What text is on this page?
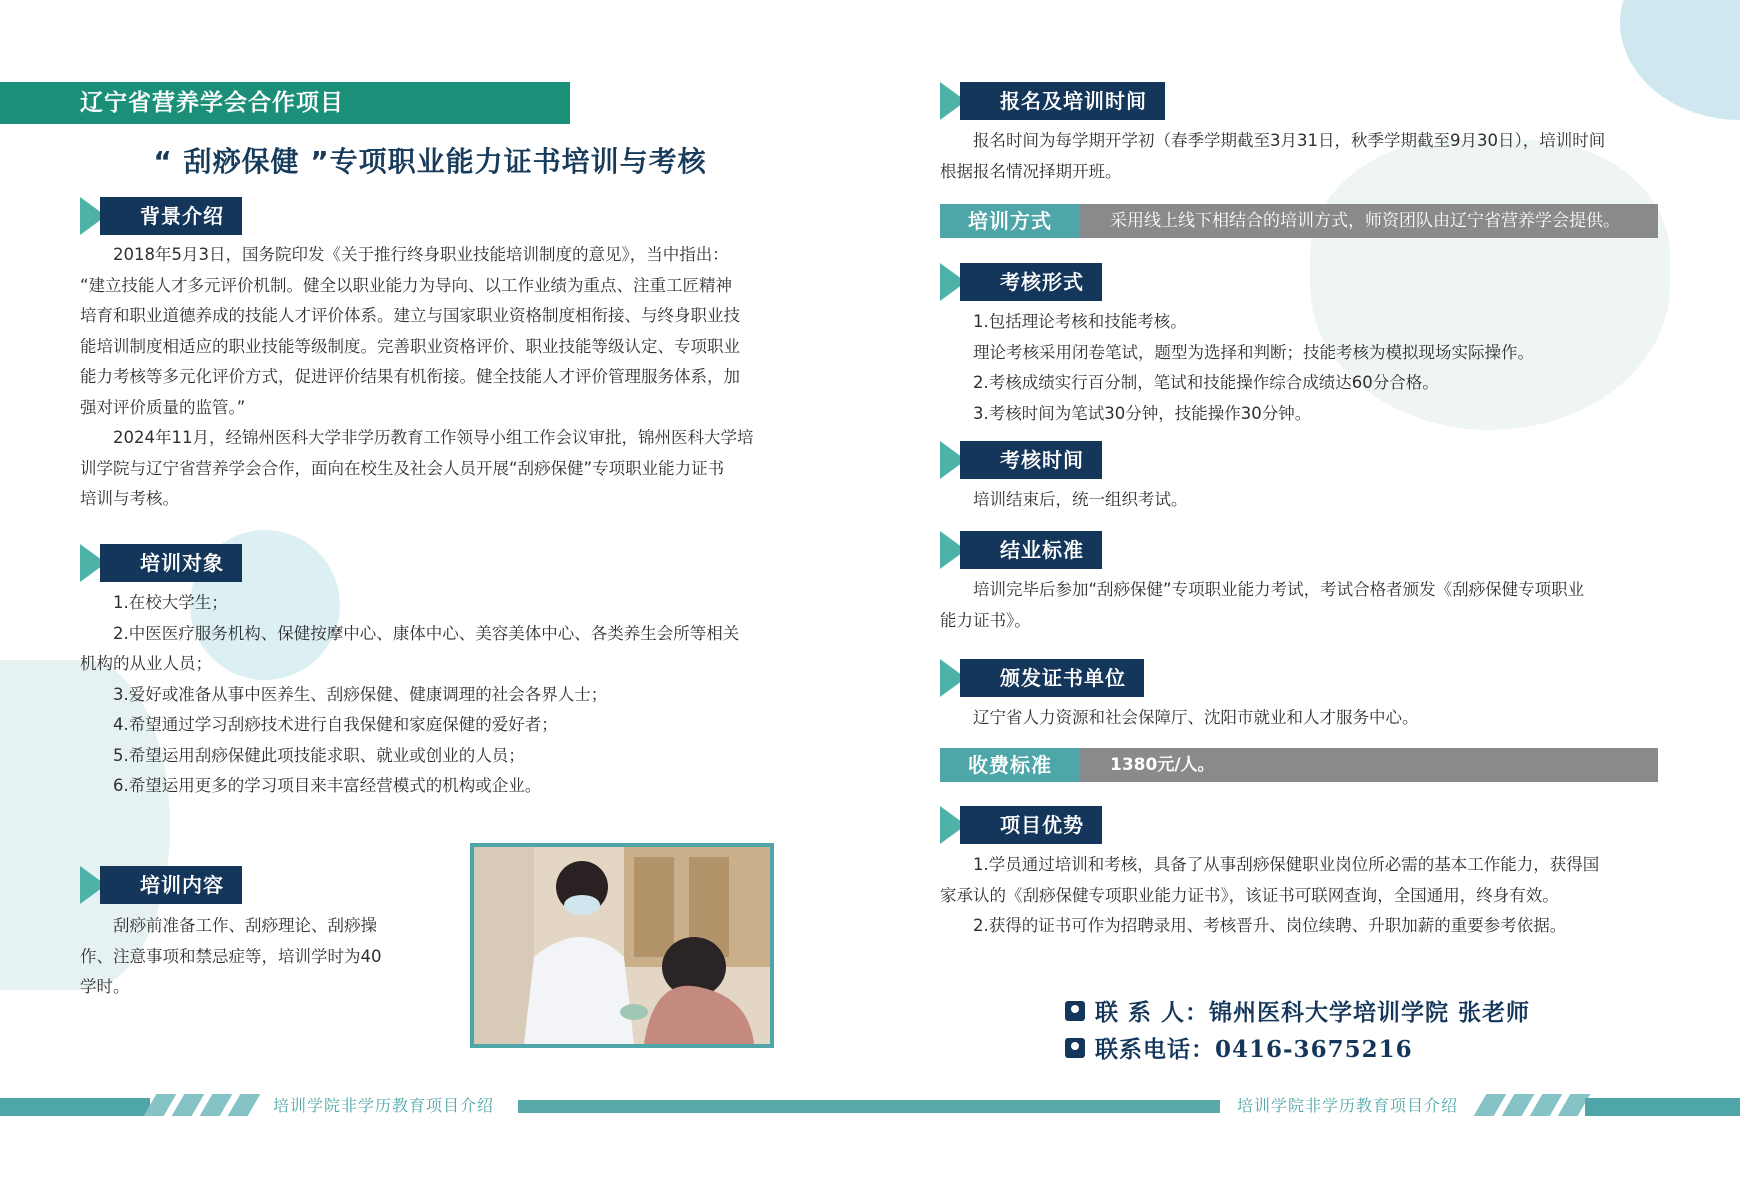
辽宁省营养学会合作项目
“ 刮痧保健 ”专项职业能力证书培训与考核
背景介绍
2018年5月3日，国务院印发《关于推行终身职业技能培训制度的意见》，当中指出：
“建立技能人才多元评价机制。健全以职业能力为导向、以工作业绩为重点、注重工匠精神
培育和职业道德养成的技能人才评价体系。建立与国家职业资格制度相衔接、与终身职业技
能培训制度相适应的职业技能等级制度。完善职业资格评价、职业技能等级认定、专项职业
能力考核等多元化评价方式，促进评价结果有机衔接。健全技能人才评价管理服务体系，加
强对评价质量的监管。”
2024年11月，经锦州医科大学非学历教育工作领导小组工作会议审批，锦州医科大学培
训学院与辽宁省营养学会合作，面向在校生及社会人员开展“刮痧保健”专项职业能力证书
培训与考核。
培训对象
1.在校大学生；
2.中医医疗服务机构、保健按摩中心、康体中心、美容美体中心、各类养生会所等相关
机构的从业人员；
3.爱好或准备从事中医养生、刮痧保健、健康调理的社会各界人士；
4.希望通过学习刮痧技术进行自我保健和家庭保健的爱好者；
5.希望运用刮痧保健此项技能求职、就业或创业的人员；
6.希望运用更多的学习项目来丰富经营模式的机构或企业。
培训内容
刮痧前准备工作、刮痧理论、刮痧操
作、注意事项和禁忌症等，培训学时为40
学时。
报名及培训时间
报名时间为每学期开学初（春季学期截至3月31日，秋季学期截至9月30日），培训时间
根据报名情况择期开班。
培训方式	采用线上线下相结合的培训方式，师资团队由辽宁省营养学会提供。
考核形式
1.包括理论考核和技能考核。
理论考核采用闭卷笔试，题型为选择和判断；技能考核为模拟现场实际操作。
2.考核成绩实行百分制，笔试和技能操作综合成绩达60分合格。
3.考核时间为笔试30分钟，技能操作30分钟。
考核时间
培训结束后，统一组织考试。
结业标准
培训完毕后参加“刮痧保健”专项职业能力考试，考试合格者颁发《刮痧保健专项职业
能力证书》。
颁发证书单位
辽宁省人力资源和社会保障厅、沈阳市就业和人才服务中心。
收费标准	1380元/人。
项目优势
1.学员通过培训和考核，具备了从事刮痧保健职业岗位所必需的基本工作能力，获得国
家承认的《刮痧保健专项职业能力证书》，该证书可联网查询，全国通用，终身有效。
2.获得的证书可作为招聘录用、考核晋升、岗位续聘、升职加薪的重要参考依据。
联 系 人：锦州医科大学培训学院 张老师
联系电话：0416-3675216
培训学院非学历教育项目介绍	培训学院非学历教育项目介绍
